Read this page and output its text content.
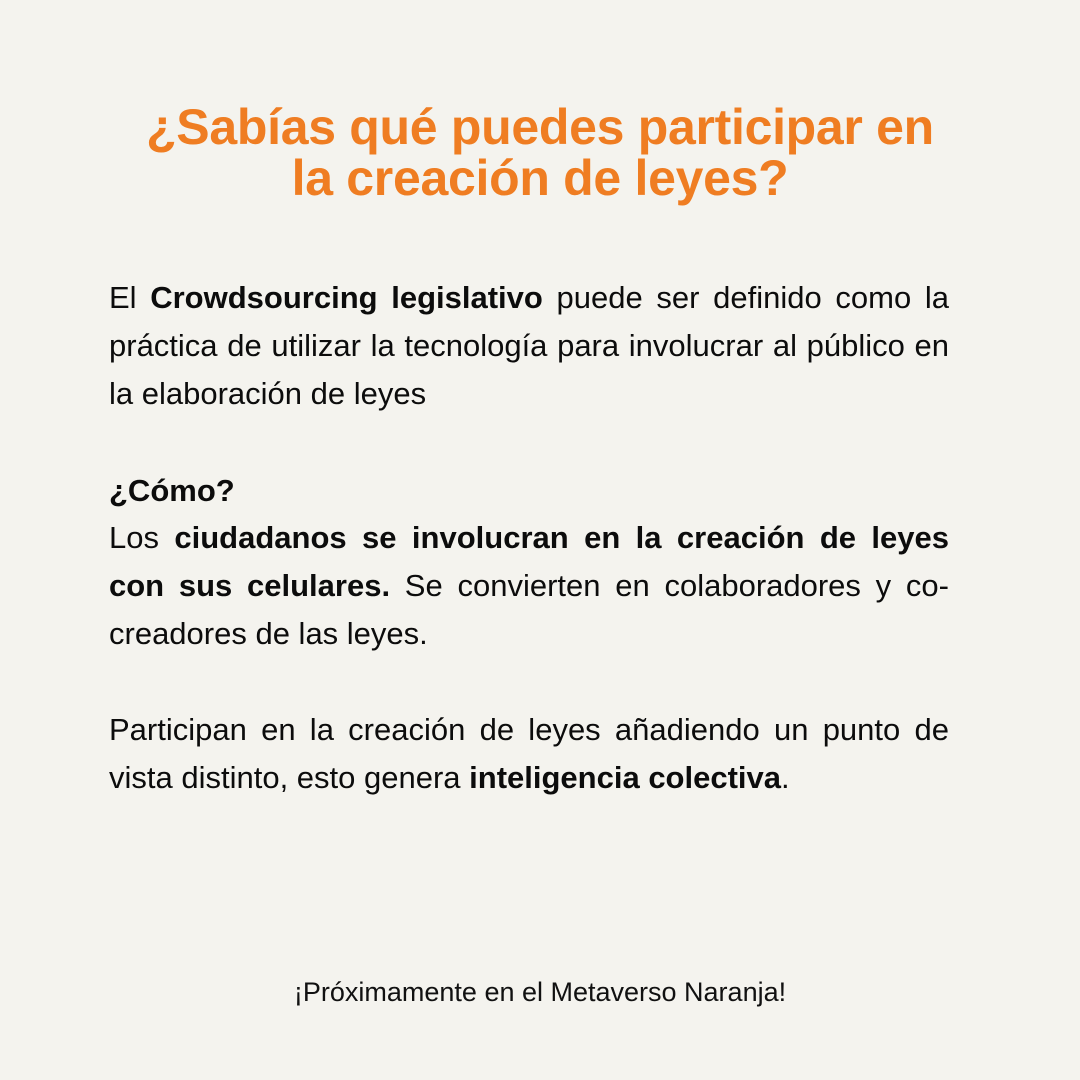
¿Sabías qué puedes participar en
la creación de leyes?

El Crowdsourcing legislativo puede ser definido como la práctica de utilizar la tecnología para involucrar al público en la elaboración de leyes

¿Cómo?

Los ciudadanos se involucran en la creación de leyes con sus celulares. Se convierten en colaboradores y co-creadores de las leyes.

Participan en la creación de leyes añadiendo un punto de vista distinto, esto genera inteligencia colectiva.

¡Próximamente en el Metaverso Naranja!
